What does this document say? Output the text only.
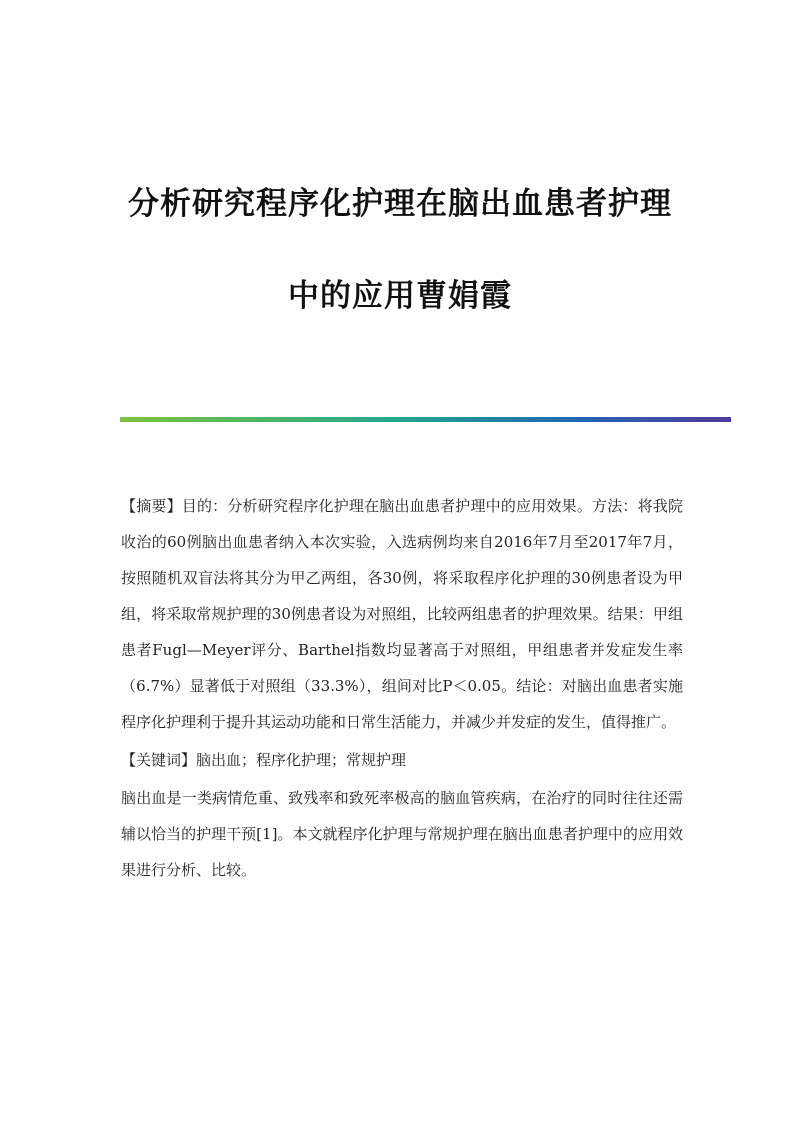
分析研究程序化护理在脑出血患者护理
中的应用曹娟霞

【摘要】目的：分析研究程序化护理在脑出血患者护理中的应用效果。方法：将我院收治的60例脑出血患者纳入本次实验，入选病例均来自2016年7月至2017年7月，按照随机双盲法将其分为甲乙两组，各30例，将采取程序化护理的30例患者设为甲组，将采取常规护理的30例患者设为对照组，比较两组患者的护理效果。结果：甲组患者Fugl—Meyer评分、Barthel指数均显著高于对照组，甲组患者并发症发生率（6.7%）显著低于对照组（33.3%），组间对比P＜0.05。结论：对脑出血患者实施程序化护理利于提升其运动功能和日常生活能力，并减少并发症的发生，值得推广。

【关键词】脑出血；程序化护理；常规护理

脑出血是一类病情危重、致残率和致死率极高的脑血管疾病，在治疗的同时往往还需辅以恰当的护理干预[1]。本文就程序化护理与常规护理在脑出血患者护理中的应用效果进行分析、比较。
